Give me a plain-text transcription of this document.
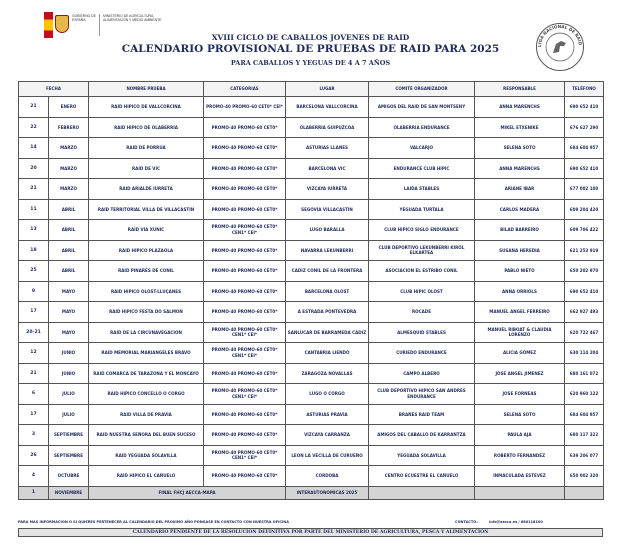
GOBIERNO DE ESPAÑA
MINISTERIO DE AGRICULTURA, ALIMENTACIÓN Y MEDIO AMBIENTE
LIGA NACIONAL DE RAID
XVIII CICLO DE CABALLOS JOVENES DE RAID
CALENDARIO PROVISIONAL DE PRUEBAS DE RAID PARA 2025
PARA CABALLOS Y YEGUAS DE 4 A 7 AÑOS
FECHA		NOMBRE PRUEBA	CATEGORIAS	LUGAR	COMITÉ ORGANIZADOR	RESPONSABLE	TELÉFONO
21	ENERO	RAID HIPICO DE VALLCORCINA	PROMO-40 PROMO-60 CET0* CEI*	BARCELONA VALLCORCINA	AMIGOS DEL RAID DE SAN MONTSENY	ANNA MARENCHS	690 652 410
22	FEBRERO	RAID HIPICO DE OLABERRIA	PROMO-40 PROMO-60 CET0*	OLABERRIA GUIPUZCOA	OLABERRIA ENDURANCE	MIKEL ETXENIKE	676 627 290
14	MARZO	RAID DE PORRUA	PROMO-40 PROMO-60 CET0*	ASTURIAS LLANES	VALCARJO	SELENA SOTO	684 604 957
20	MARZO	RAID DE VIC	PROMO-40 PROMO-60 CET0*	BARCELONA VIC	ENDURANCE CLUB HIPIC	ANNA MARENCHS	690 652 410
21	MARZO	RAID ARIALDE IURRETA	PROMO-40 PROMO-60 CET0*	VIZCAYA IURRETA	LAIDA STABLES	ARIANE IBAR	677 002 100
11	ABRIL	RAID TERRITORIAL VILLA DE VILLACASTIN	PROMO-40 PROMO-60 CET0*	SEGOVIA VILLACASTIN	YEGUADA TURTALA	CARLOS MADERA	609 204 420
13	ABRIL	RAID VIA XUNIC	PROMO-40 PROMO-60 CET0* CEN1* CEI*	LUGO BARALLA	CLUB HIPICO SIGLO ENDURANCE	BILAD BARREIRO	609 706 422
18	ABRIL	RAID HIPICO PLAZAOLA	PROMO-40 PROMO-60 CET0*	NAVARRA LEKUNBERRI	CLUB DEPORTIVO LEKUNBERRI KIROL ELKARTEA	SUSANA HEREDIA	621 253 919
25	ABRIL	RAID PINARES DE CONIL	PROMO-40 PROMO-60 CET0*	CADIZ CONIL DE LA FRONTERA	ASOCIACION EL ESTRIBO CONIL	PABLO NIETO	650 202 970
9	MAYO	RAID HIPICO OLOST-LLUÇANES	PROMO-40 PROMO-60 CET0*	BARCELONA OLOST	CLUB HIPIC OLOST	ANNA ORRIOLS	690 652 410
17	MAYO	RAID HIPICO FESTA DO SALMON	PROMO-40 PROMO-60 CET0*	A ESTRADA PONTEVEDRA	ROCADE	MANUEL ANGEL FERREIRO	662 927 493
20-21	MAYO	RAID DE LA CIRCUNAVEGACION	PROMO-40 PROMO-60 CET0* CEN1* CEI*	SANLUCAR DE BARRAMEDA CADIZ	ALMESQUID STABLES	MANUEL RIBOAT & CLAUDIA LORENZO	620 722 467
12	JUNIO	RAID MEMORIAL MARIANGELES BRAVO	PROMO-40 PROMO-60 CET0* CEN1* CEI*	CANTABRIA LIENDO	CURIEDO ENDURANCE	ALICIA GÓMEZ	630 114 204
21	JUNIO	RAID COMARCA DE TARAZONA Y EL MONCAYO	PROMO-40 PROMO-60 CET0*	ZARAGOZA NOVALLAS	CAMPO ALBERO	JOSE ANGEL JIMENEZ	680 161 072
6	JULIO	RAID HIPICO CONCELLO O CORGO	PROMO-40 PROMO-60 CET0* CEN1* CEI*	LUGO O CORGO	CLUB DEPORTIVO HIPICO SAN ANDRES ENDURANCE	JOSE FORNEAS	620 960 122
17	JULIO	RAID VILLA DE PRAVIA	PROMO-40 PROMO-60 CET0*	ASTURIAS PRAVIA	BRAÑES RAID TEAM	SELENA SOTO	684 604 957
3	SEPTIEMBRE	RAID NUESTRA SEÑORA DEL BUEN SUCESO	PROMO-40 PROMO-60 CET0*	VIZCAYA CARRANZA	AMIGOS DEL CABALLO DE KARRANTZA	PAULA AJA	680 117 322
26	SEPTIEMBRE	RAID YEGUADA SOLAVILLA	PROMO-40 PROMO-60 CET0* CEN1* CEI*	LEON LA VECILLA DE CURUEÑO	YEGUADA SOLAVILLA	ROBERTO FERNANDEZ	639 206 077
4	OCTUBRE	RAID HIPICO EL CAÑUELO	PROMO-40 PROMO-60 CET0*	CORDOBA	CENTRO ECUESTRE EL CAÑUELO	INMACULADA ESTEVEZ	650 002 320
1	NOVIEMBRE	FINAL FHCJ AECCA-MAPA		INTERAUTONOMICAS 2025			
PARA MAS INFORMACION O SI QUIERES PERTENECER AL CALENDARIO DEL PROXIMO AÑO PONGASE EN CONTACTO CON NUESTRA OFICINA	CONTACTO:	info@aecca.es / 680118100
CALENDARIO PENDIENTE DE LA RESOLUCION DEFINITIVA POR PARTE DEL MINISTERIO DE AGRICULTURA, PESCA Y ALIMENTACION
